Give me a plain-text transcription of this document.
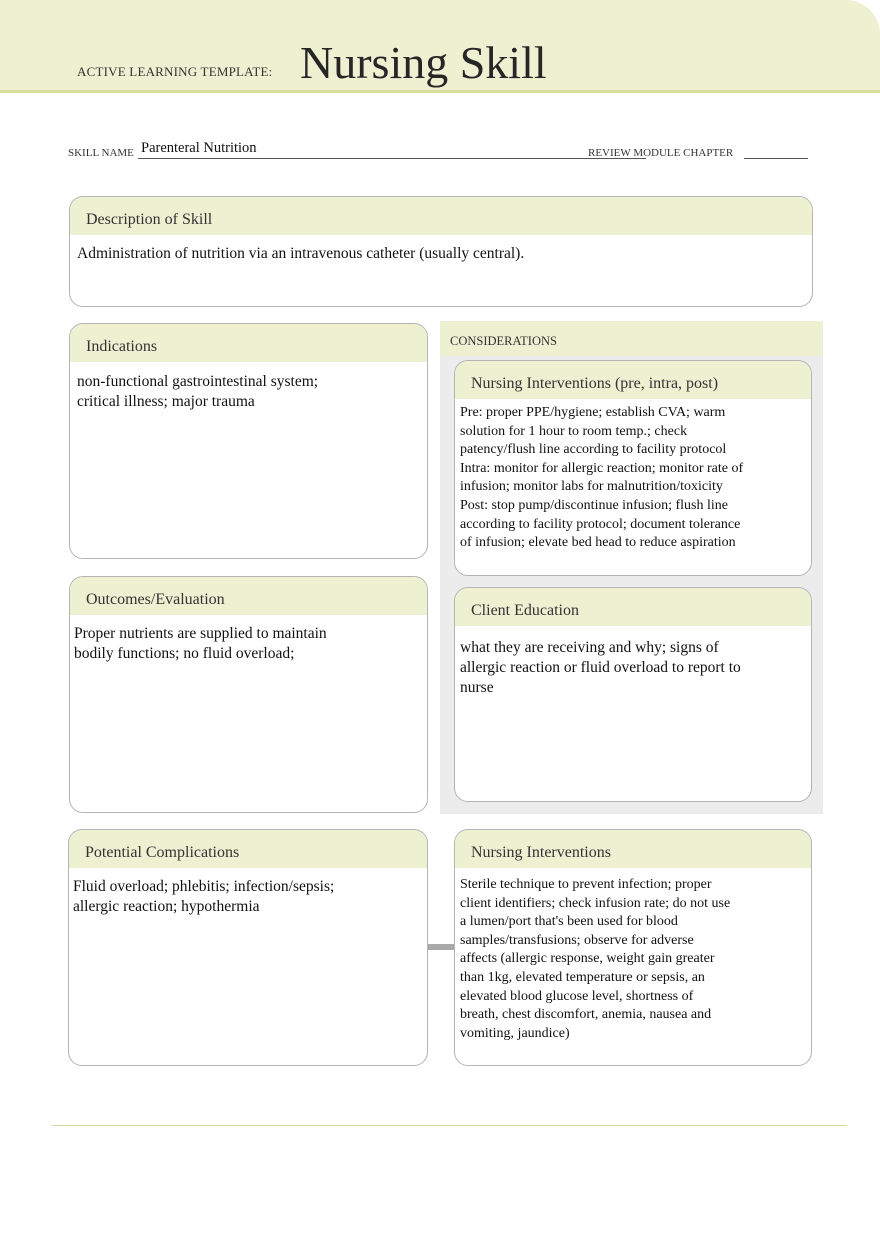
ACTIVE LEARNING TEMPLATE: Nursing Skill
SKILL NAME Parenteral Nutrition	REVIEW MODULE CHAPTER
Description of Skill
Administration of nutrition via an intravenous catheter (usually central).
Indications
non-functional gastrointestinal system;
critical illness; major trauma
Outcomes/Evaluation
Proper nutrients are supplied to maintain
bodily functions; no fluid overload;
CONSIDERATIONS
Nursing Interventions (pre, intra, post)
Pre: proper PPE/hygiene; establish CVA; warm
solution for 1 hour to room temp.; check
patency/flush line according to facility protocol
Intra: monitor for allergic reaction; monitor rate of
infusion; monitor labs for malnutrition/toxicity
Post: stop pump/discontinue infusion; flush line
according to facility protocol; document tolerance
of infusion; elevate bed head to reduce aspiration
Client Education
what they are receiving and why; signs of
allergic reaction or fluid overload to report to
nurse
Potential Complications
Fluid overload; phlebitis; infection/sepsis;
allergic reaction; hypothermia
Nursing Interventions
Sterile technique to prevent infection; proper
client identifiers; check infusion rate; do not use
a lumen/port that's been used for blood
samples/transfusions; observe for adverse
affects (allergic response, weight gain greater
than 1kg, elevated temperature or sepsis, an
elevated blood glucose level, shortness of
breath, chest discomfort, anemia, nausea and
vomiting, jaundice)
